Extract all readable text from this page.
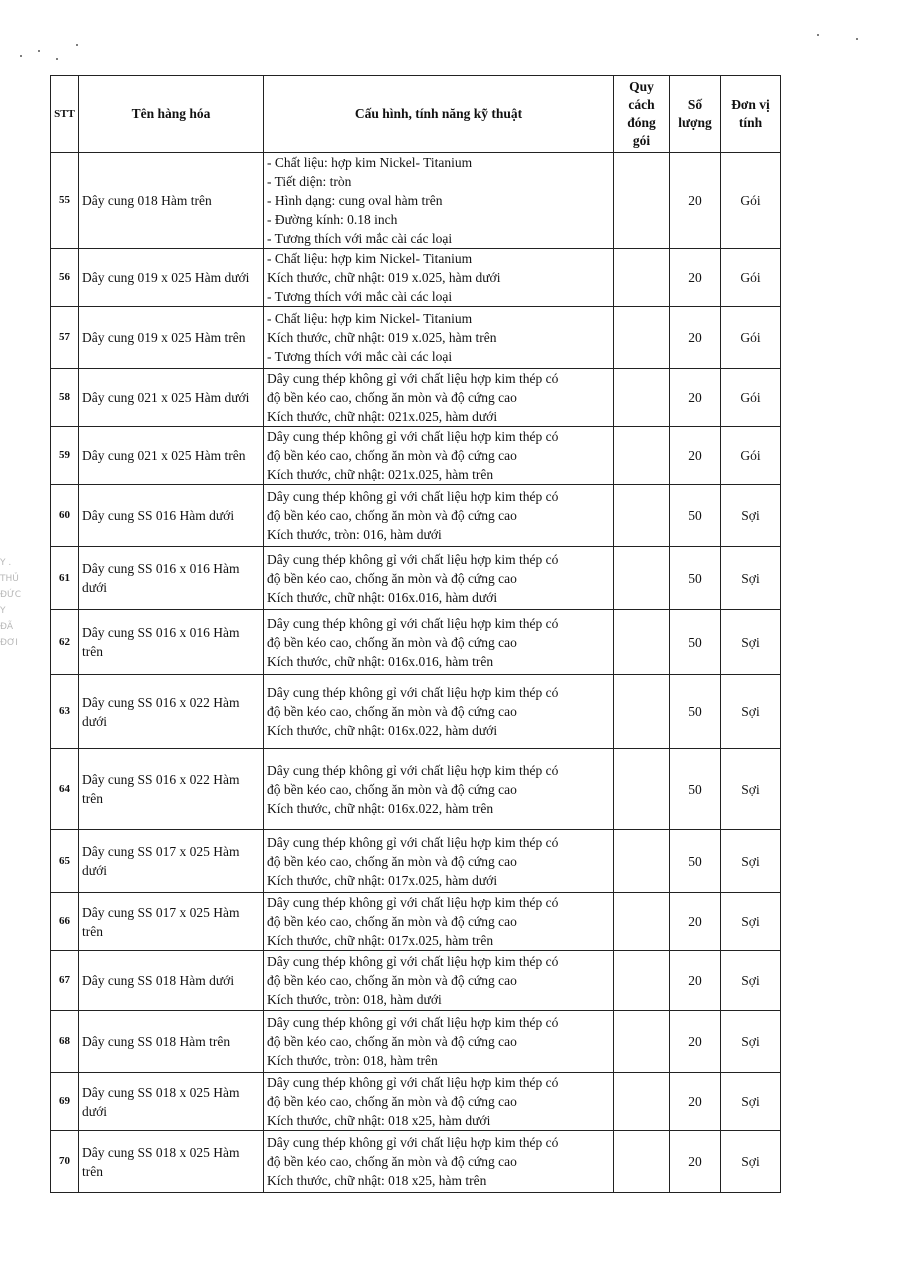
Y .
THỦ
ĐỨC
Y
ĐÃ
ĐƠI
STT	Tên hàng hóa	Cấu hình, tính năng kỹ thuật	Quy cách đóng gói	Số lượng	Đơn vị tính
55	Dây cung 018 Hàm trên	- Chất liệu: hợp kim Nickel- Titanium
- Tiết diện: tròn
- Hình dạng: cung oval hàm trên
- Đường kính: 0.18 inch
- Tương thích với mắc cài các loại		20	Gói
56	Dây cung 019 x 025 Hàm dưới	- Chất liệu: hợp kim Nickel- Titanium
Kích thước, chữ nhật: 019 x.025, hàm dưới
- Tương thích với mắc cài các loại		20	Gói
57	Dây cung 019 x 025 Hàm trên	- Chất liệu: hợp kim Nickel- Titanium
Kích thước, chữ nhật: 019 x.025, hàm trên
- Tương thích với mắc cài các loại		20	Gói
58	Dây cung 021 x 025 Hàm dưới	Dây cung thép không gỉ với chất liệu hợp kim thép có
độ bền kéo cao, chống ăn mòn và độ cứng cao
Kích thước, chữ nhật: 021x.025, hàm dưới		20	Gói
59	Dây cung 021 x 025 Hàm trên	Dây cung thép không gỉ với chất liệu hợp kim thép có
độ bền kéo cao, chống ăn mòn và độ cứng cao
Kích thước, chữ nhật: 021x.025, hàm trên		20	Gói
60	Dây cung SS 016 Hàm dưới	Dây cung thép không gỉ với chất liệu hợp kim thép có
độ bền kéo cao, chống ăn mòn và độ cứng cao
Kích thước, tròn: 016, hàm dưới		50	Sợi
61	Dây cung SS 016 x 016 Hàm dưới	Dây cung thép không gỉ với chất liệu hợp kim thép có
độ bền kéo cao, chống ăn mòn và độ cứng cao
Kích thước, chữ nhật: 016x.016, hàm dưới		50	Sợi
62	Dây cung SS 016 x 016 Hàm trên	Dây cung thép không gỉ với chất liệu hợp kim thép có
độ bền kéo cao, chống ăn mòn và độ cứng cao
Kích thước, chữ nhật: 016x.016, hàm trên		50	Sợi
63	Dây cung SS 016 x 022 Hàm dưới	Dây cung thép không gỉ với chất liệu hợp kim thép có
độ bền kéo cao, chống ăn mòn và độ cứng cao
Kích thước, chữ nhật: 016x.022, hàm dưới		50	Sợi
64	Dây cung SS 016 x 022 Hàm trên	Dây cung thép không gỉ với chất liệu hợp kim thép có
độ bền kéo cao, chống ăn mòn và độ cứng cao
Kích thước, chữ nhật: 016x.022, hàm trên		50	Sợi
65	Dây cung SS 017 x 025 Hàm dưới	Dây cung thép không gỉ với chất liệu hợp kim thép có
độ bền kéo cao, chống ăn mòn và độ cứng cao
Kích thước, chữ nhật: 017x.025, hàm dưới		50	Sợi
66	Dây cung SS 017 x 025 Hàm trên	Dây cung thép không gỉ với chất liệu hợp kim thép có
độ bền kéo cao, chống ăn mòn và độ cứng cao
Kích thước, chữ nhật: 017x.025, hàm trên		20	Sợi
67	Dây cung SS 018 Hàm dưới	Dây cung thép không gỉ với chất liệu hợp kim thép có
độ bền kéo cao, chống ăn mòn và độ cứng cao
Kích thước, tròn: 018, hàm dưới		20	Sợi
68	Dây cung SS 018 Hàm trên	Dây cung thép không gỉ với chất liệu hợp kim thép có
độ bền kéo cao, chống ăn mòn và độ cứng cao
Kích thước, tròn: 018, hàm trên		20	Sợi
69	Dây cung SS 018 x 025 Hàm dưới	Dây cung thép không gỉ với chất liệu hợp kim thép có
độ bền kéo cao, chống ăn mòn và độ cứng cao
Kích thước, chữ nhật: 018 x25, hàm dưới		20	Sợi
70	Dây cung SS 018 x 025 Hàm trên	Dây cung thép không gỉ với chất liệu hợp kim thép có
độ bền kéo cao, chống ăn mòn và độ cứng cao
Kích thước, chữ nhật: 018 x25, hàm trên		20	Sợi
